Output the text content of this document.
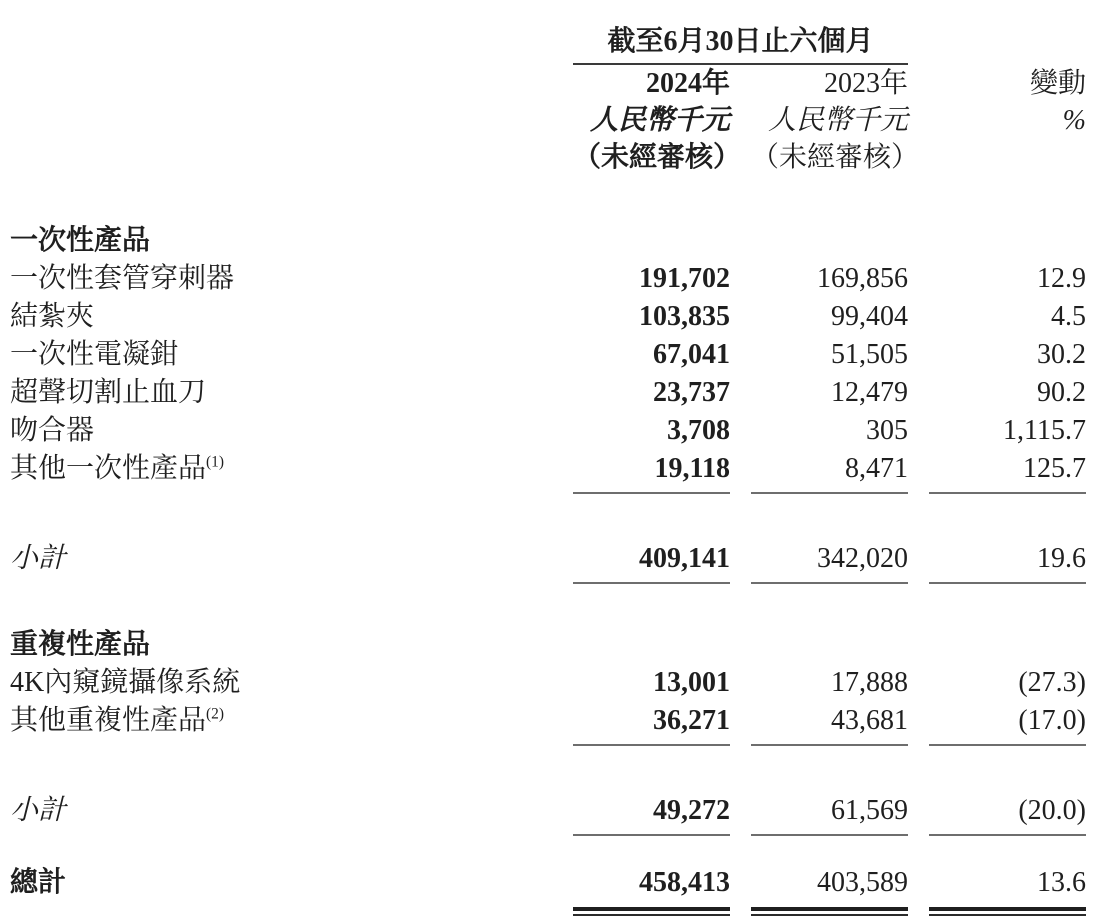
截至6月30日止六個月
2024年	2023年	變動
人民幣千元	人民幣千元	%
（未經審核） （未經審核）
一次性產品
一次性套管穿刺器	191,702	169,856	12.9
結紮夾	103,835	99,404	4.5
一次性電凝鉗	67,041	51,505	30.2
超聲切割止血刀	23,737	12,479	90.2
吻合器	3,708	305	1,115.7
其他一次性產品$^{(1)}$	19,118	8,471	125.7
小計	409,141	342,020	19.6
重複性產品
4K內窺鏡攝像系統	13,001	17,888	(27.3)
其他重複性產品$^{(2)}$	36,271	43,681	(17.0)
小計	49,272	61,569	(20.0)
總計	458,413	403,589	13.6
